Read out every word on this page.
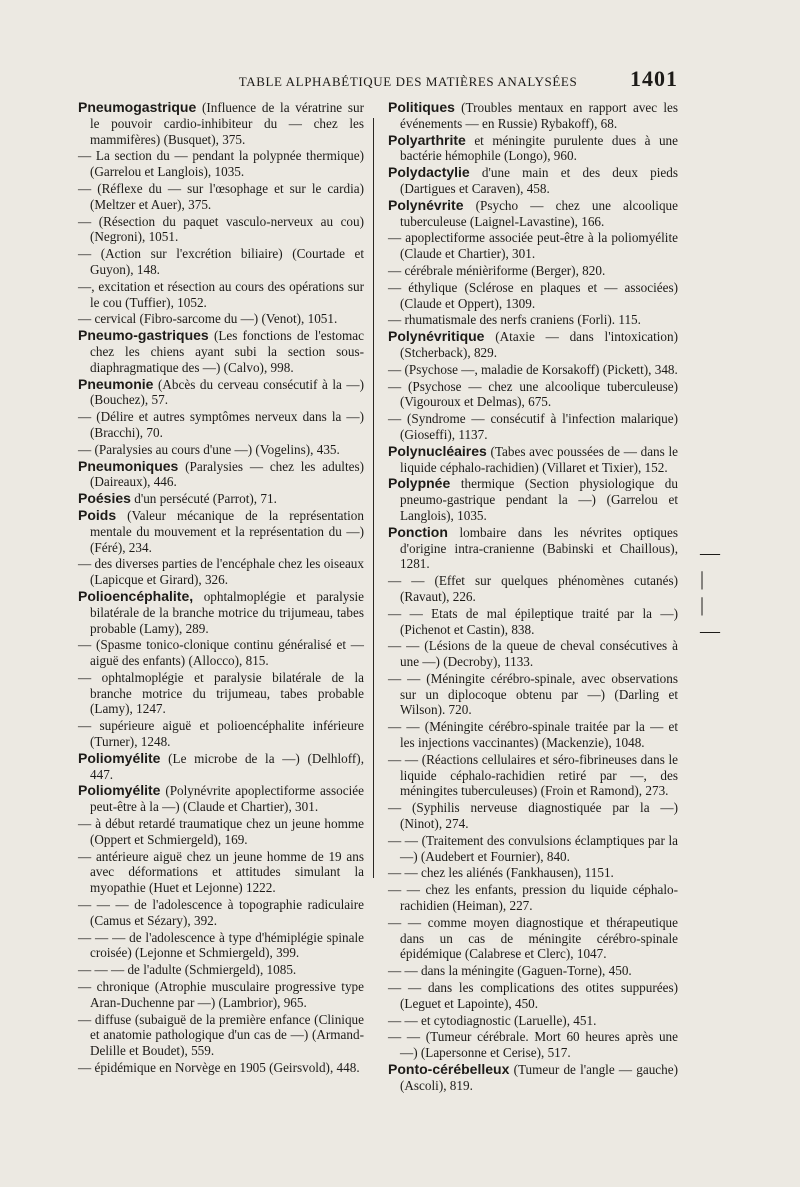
TABLE ALPHABÉTIQUE DES MATIÈRES ANALYSÉES	1401

Pneumogastrique (Influence de la vératrine sur le pouvoir cardio-inhibiteur du — chez les mammifères) (Busquet), 375.

— La section du — pendant la polypnée thermique) (Garrelou et Langlois), 1035.

— (Réflexe du — sur l'œsophage et sur le cardia) (Meltzer et Auer), 375.

— (Résection du paquet vasculo-nerveux au cou) (Negroni), 1051.

— (Action sur l'excrétion biliaire) (Courtade et Guyon), 148.

—, excitation et résection au cours des opérations sur le cou (Tuffier), 1052.

— cervical (Fibro-sarcome du —) (Venot), 1051.

Pneumo-gastriques (Les fonctions de l'estomac chez les chiens ayant subi la section sous-diaphragmatique des —) (Calvo), 998.

Pneumonie (Abcès du cerveau consécutif à la —) (Bouchez), 57.

— (Délire et autres symptômes nerveux dans la —) (Bracchi), 70.

— (Paralysies au cours d'une —) (Vogelins), 435.

Pneumoniques (Paralysies — chez les adultes) (Daireaux), 446.

Poésies d'un persécuté (Parrot), 71.

Poids (Valeur mécanique de la représentation mentale du mouvement et la représentation du —) (Féré), 234.

— des diverses parties de l'encéphale chez les oiseaux (Lapicque et Girard), 326.

Polioencéphalite, ophtalmoplégie et paralysie bilatérale de la branche motrice du trijumeau, tabes probable (Lamy), 289.

— (Spasme tonico-clonique continu généralisé et — aiguë des enfants) (Allocco), 815.

— ophtalmoplégie et paralysie bilatérale de la branche motrice du trijumeau, tabes probable (Lamy), 1247.

— supérieure aiguë et polioencéphalite inférieure (Turner), 1248.

Poliomyélite (Le microbe de la —) (Delhloff), 447.

Poliomyélite (Polynévrite apoplectiforme associée peut-être à la —) (Claude et Chartier), 301.

— à début retardé traumatique chez un jeune homme (Oppert et Schmiergeld), 169.

— antérieure aiguë chez un jeune homme de 19 ans avec déformations et attitudes simulant la myopathie (Huet et Lejonne) 1222.

— — — de l'adolescence à topographie radiculaire (Camus et Sézary), 392.

— — — de l'adolescence à type d'hémiplégie spinale croisée) (Lejonne et Schmiergeld), 399.

— — — de l'adulte (Schmiergeld), 1085.

— chronique (Atrophie musculaire progressive type Aran-Duchenne par —) (Lambrior), 965.

— diffuse (subaiguë de la première enfance (Clinique et anatomie pathologique d'un cas de —) (Armand-Delille et Boudet), 559.

— épidémique en Norvège en 1905 (Geirsvold), 448.

Politiques (Troubles mentaux en rapport avec les événements — en Russie) Rybakoff), 68.

Polyarthrite et méningite purulente dues à une bactérie hémophile (Longo), 960.

Polydactylie d'une main et des deux pieds (Dartigues et Caraven), 458.

Polynévrite (Psycho — chez une alcoolique tuberculeuse (Laignel-Lavastine), 166.

— apoplectiforme associée peut-être à la poliomyélite (Claude et Chartier), 301.

— cérébrale ménièriforme (Berger), 820.

— éthylique (Sclérose en plaques et — associées) (Claude et Oppert), 1309.

— rhumatismale des nerfs craniens (Forli). 115.

Polynévritique (Ataxie — dans l'intoxication) (Stcherback), 829.

— (Psychose —, maladie de Korsakoff) (Pickett), 348.

— (Psychose — chez une alcoolique tuberculeuse) (Vigouroux et Delmas), 675.

— (Syndrome — consécutif à l'infection malarique) (Gioseffi), 1137.

Polynucléaires (Tabes avec poussées de — dans le liquide céphalo-rachidien) (Villaret et Tixier), 152.

Polypnée thermique (Section physiologique du pneumo-gastrique pendant la —) (Garrelou et Langlois), 1035.

Ponction lombaire dans les névrites optiques d'origine intra-cranienne (Babinski et Chaillous), 1281.

— — (Effet sur quelques phénomènes cutanés) (Ravaut), 226.

— — Etats de mal épileptique traité par la —) (Pichenot et Castin), 838.

— — (Lésions de la queue de cheval consécutives à une —) (Decroby), 1133.

— — (Méningite cérébro-spinale, avec observations sur un diplocoque obtenu par —) (Darling et Wilson). 720.

— — (Méningite cérébro-spinale traitée par la — et les injections vaccinantes) (Mackenzie), 1048.

— — (Réactions cellulaires et séro-fibrineuses dans le liquide céphalo-rachidien retiré par —, des méningites tuberculeuses) (Froin et Ramond), 273.

— (Syphilis nerveuse diagnostiquée par la —) (Ninot), 274.

— — (Traitement des convulsions éclamptiques par la —) (Audebert et Fournier), 840.

— — chez les aliénés (Fankhausen), 1151.

— — chez les enfants, pression du liquide céphalo-rachidien (Heiman), 227.

— — comme moyen diagnostique et thérapeutique dans un cas de méningite cérébro-spinale épidémique (Calabrese et Clerc), 1047.

— — dans la méningite (Gaguen-Torne), 450.

— — dans les complications des otites suppurées) (Leguet et Lapointe), 450.

— — et cytodiagnostic (Laruelle), 451.

— — (Tumeur cérébrale. Mort 60 heures après une —) (Lapersonne et Cerise), 517.

Ponto-cérébelleux (Tumeur de l'angle — gauche) (Ascoli), 819.

—
|
|
—
